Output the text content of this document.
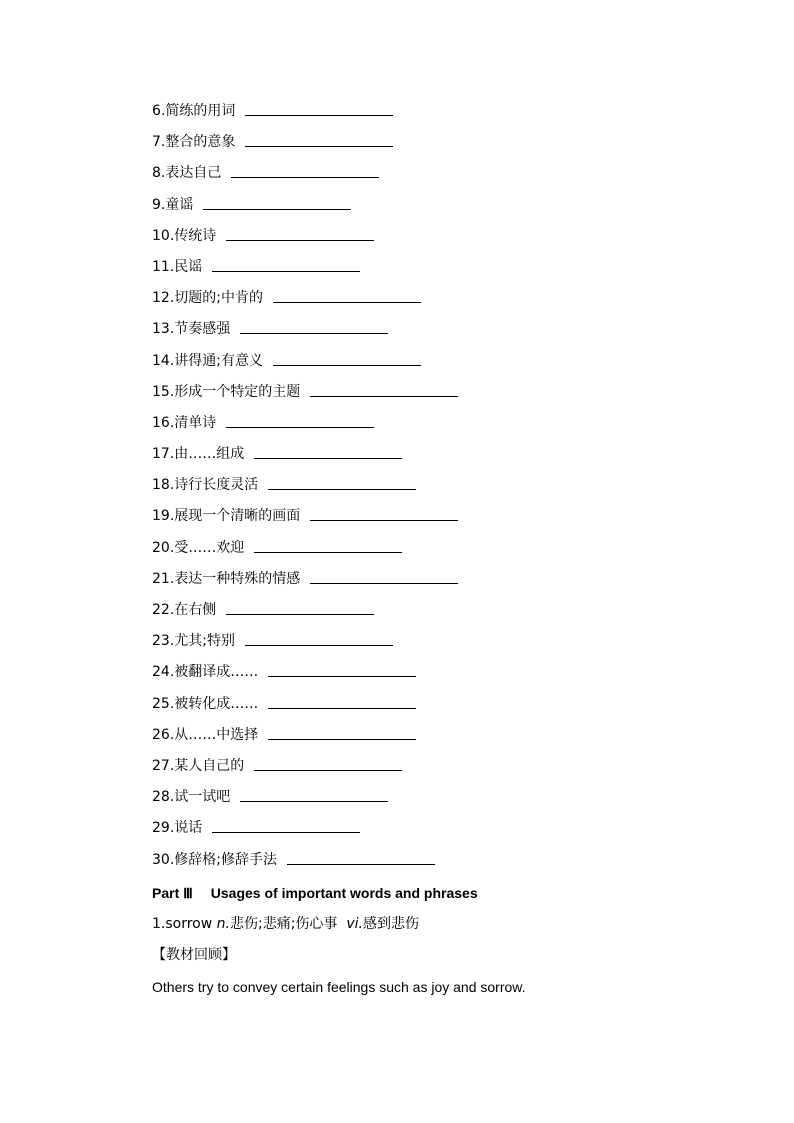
6.简练的用词
7.整合的意象
8.表达自己
9.童谣
10.传统诗
11.民谣
12.切题的;中肯的
13.节奏感强
14.讲得通;有意义
15.形成一个特定的主题
16.清单诗
17.由……组成
18.诗行长度灵活
19.展现一个清晰的画面
20.受……欢迎
21.表达一种特殊的情感
22.在右侧
23.尤其;特别
24.被翻译成……
25.被转化成……
26.从……中选择
27.某人自己的
28.试一试吧
29.说话
30.修辞格;修辞手法
Part Ⅲ Usages of important words and phrases
1.sorrow n.悲伤;悲痛;伤心事 vi.感到悲伤
【教材回顾】
Others try to convey certain feelings such as joy and sorrow.
